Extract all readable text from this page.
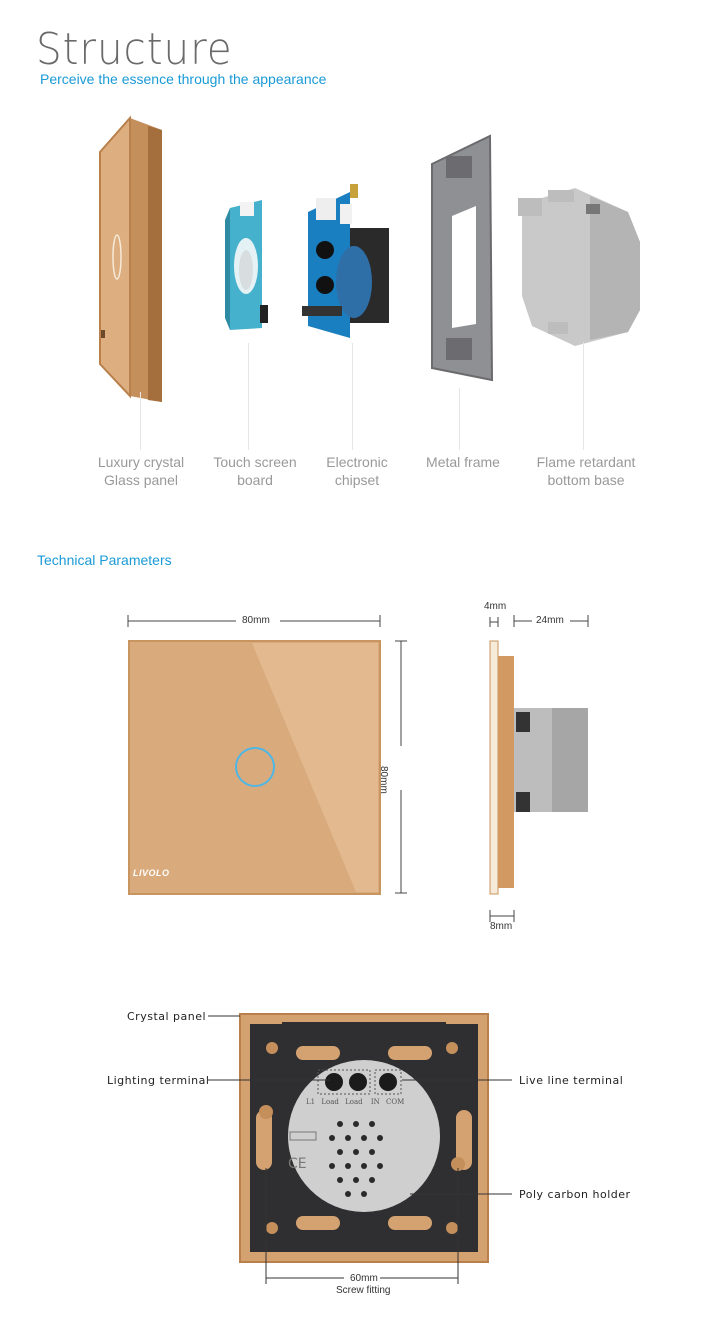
Structure
Perceive the essence through the appearance
Luxury crystal
Glass panel
Touch screen
board
Electronic
chipset
Metal frame	Flame retardant
bottom base
Technical Parameters
80mm
80mm
4mm
24mm
8mm
LIVOLO
Crystal panel
Lighting terminal	Live line terminal
Poly carbon holder
L1 Load Load IN COM
CE
60mm
Screw fitting
